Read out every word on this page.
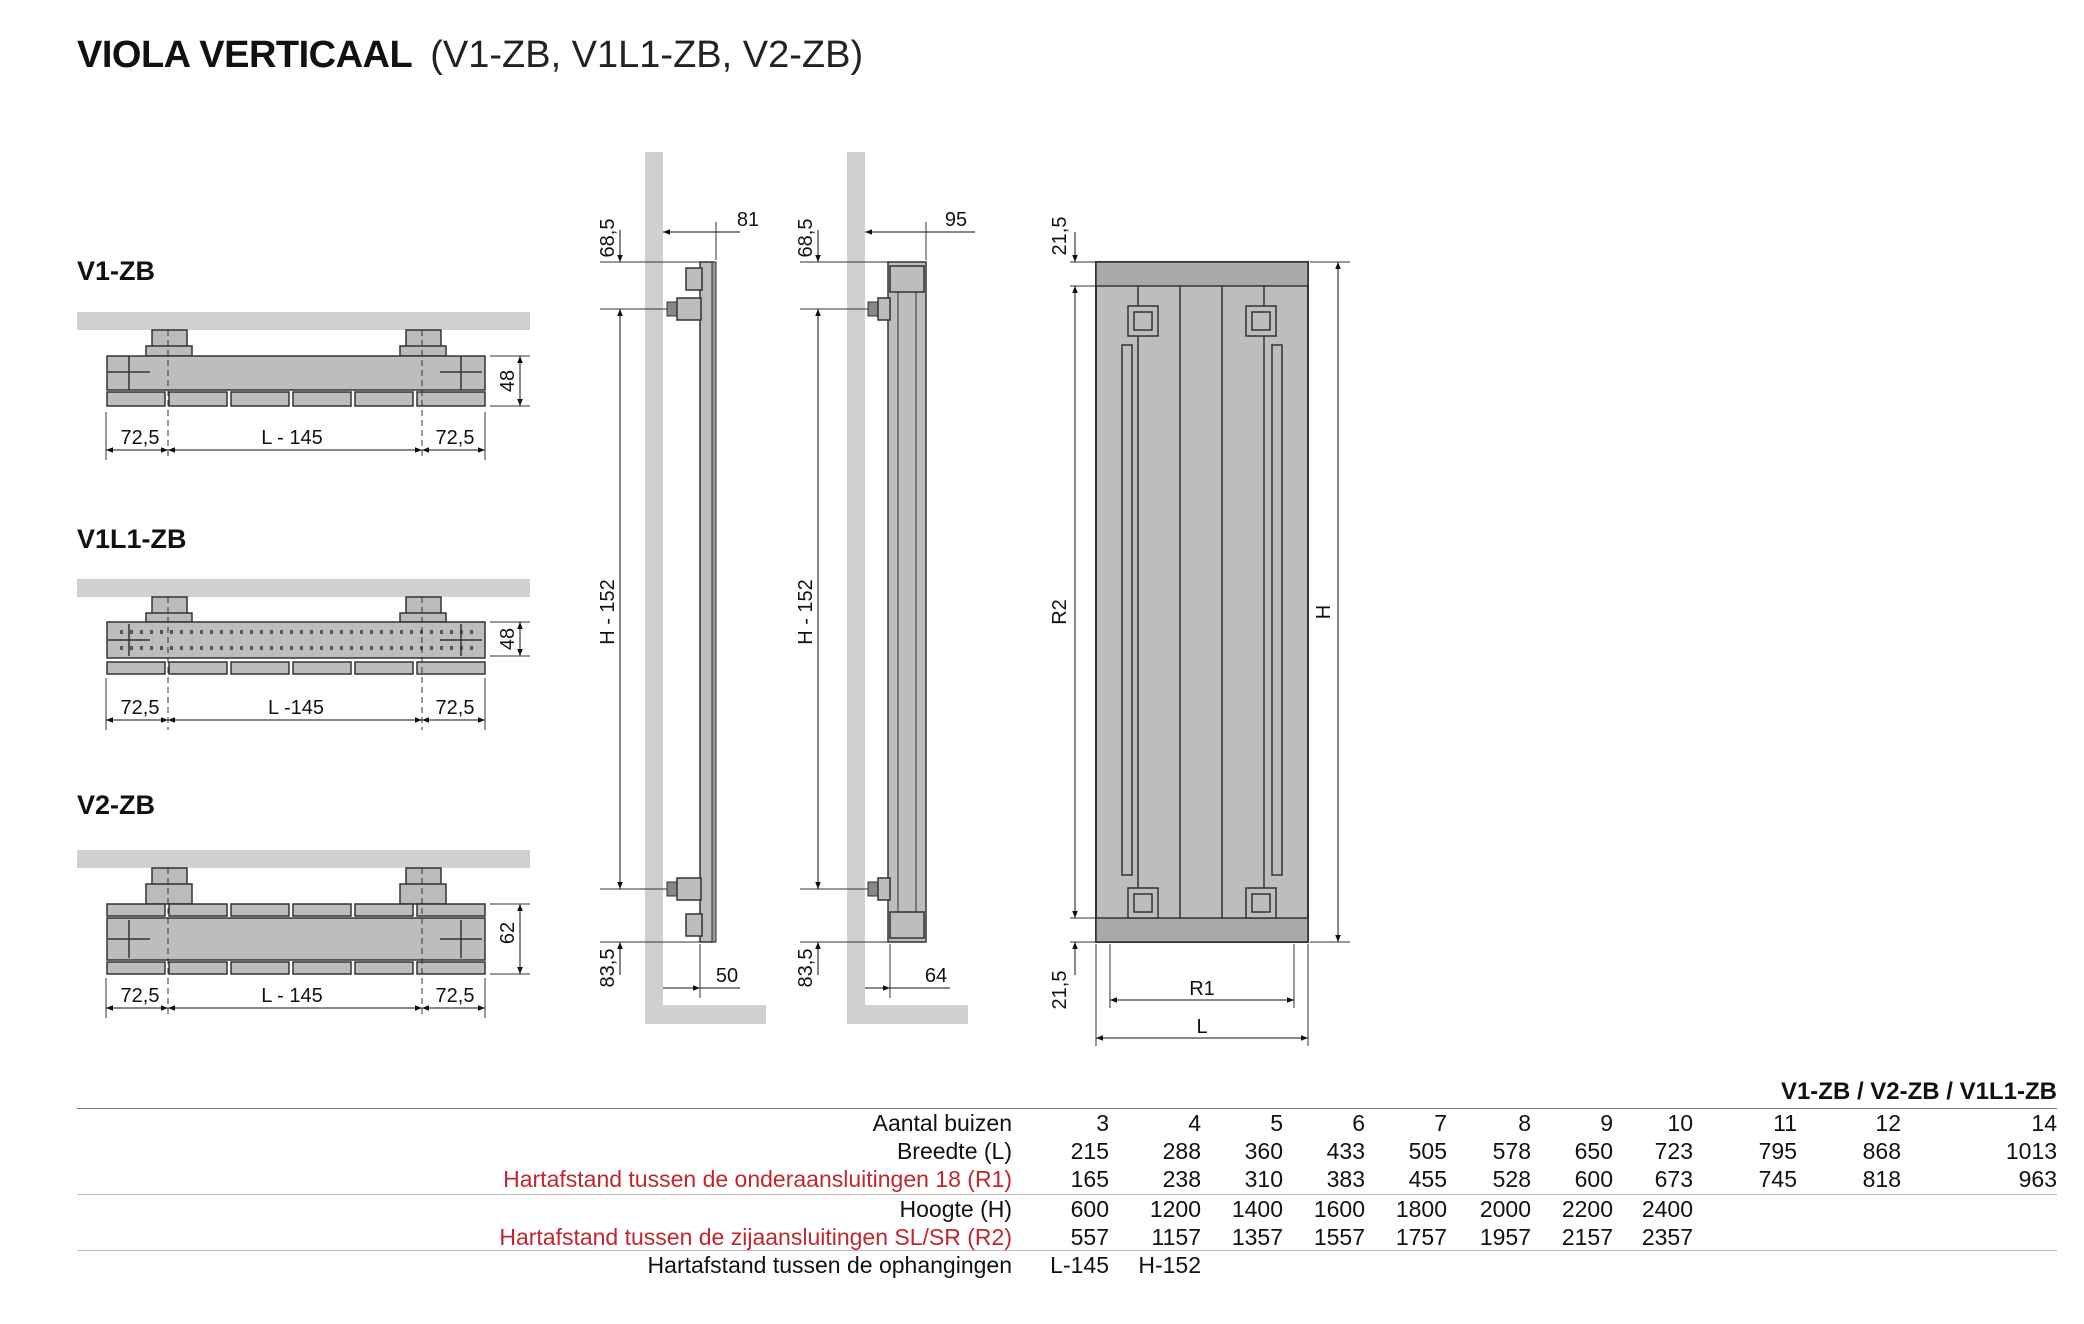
VIOLA VERTICAAL (V1-ZB, V1L1-ZB, V2-ZB)
V1-ZB
V1L1-ZB
V2-ZB
72,5	L - 145	72,5
48
72,5	L -145	72,5
48
72,5	L - 145	72,5
62
68,5
H - 152
83,5
81
50
68,5
H - 152
83,5
95
64
21,5
R2
21,5
H
R1
L
V1-ZB / V2-ZB / V1L1-ZB
Aantal buizen	3	4	5	6	7	8	9	10	11	12	14
Breedte (L)	215	288	360	433	505	578	650	723	795	868	1013
Hartafstand tussen de onderaansluitingen 18 (R1)	165	238	310	383	455	528	600	673	745	818	963
Hoogte (H)	600	1200	1400	1600	1800	2000	2200	2400
Hartafstand tussen de zijaansluitingen SL/SR (R2)	557	1157	1357	1557	1757	1957	2157	2357
Hartafstand tussen de ophangingen	L-145	H-152
